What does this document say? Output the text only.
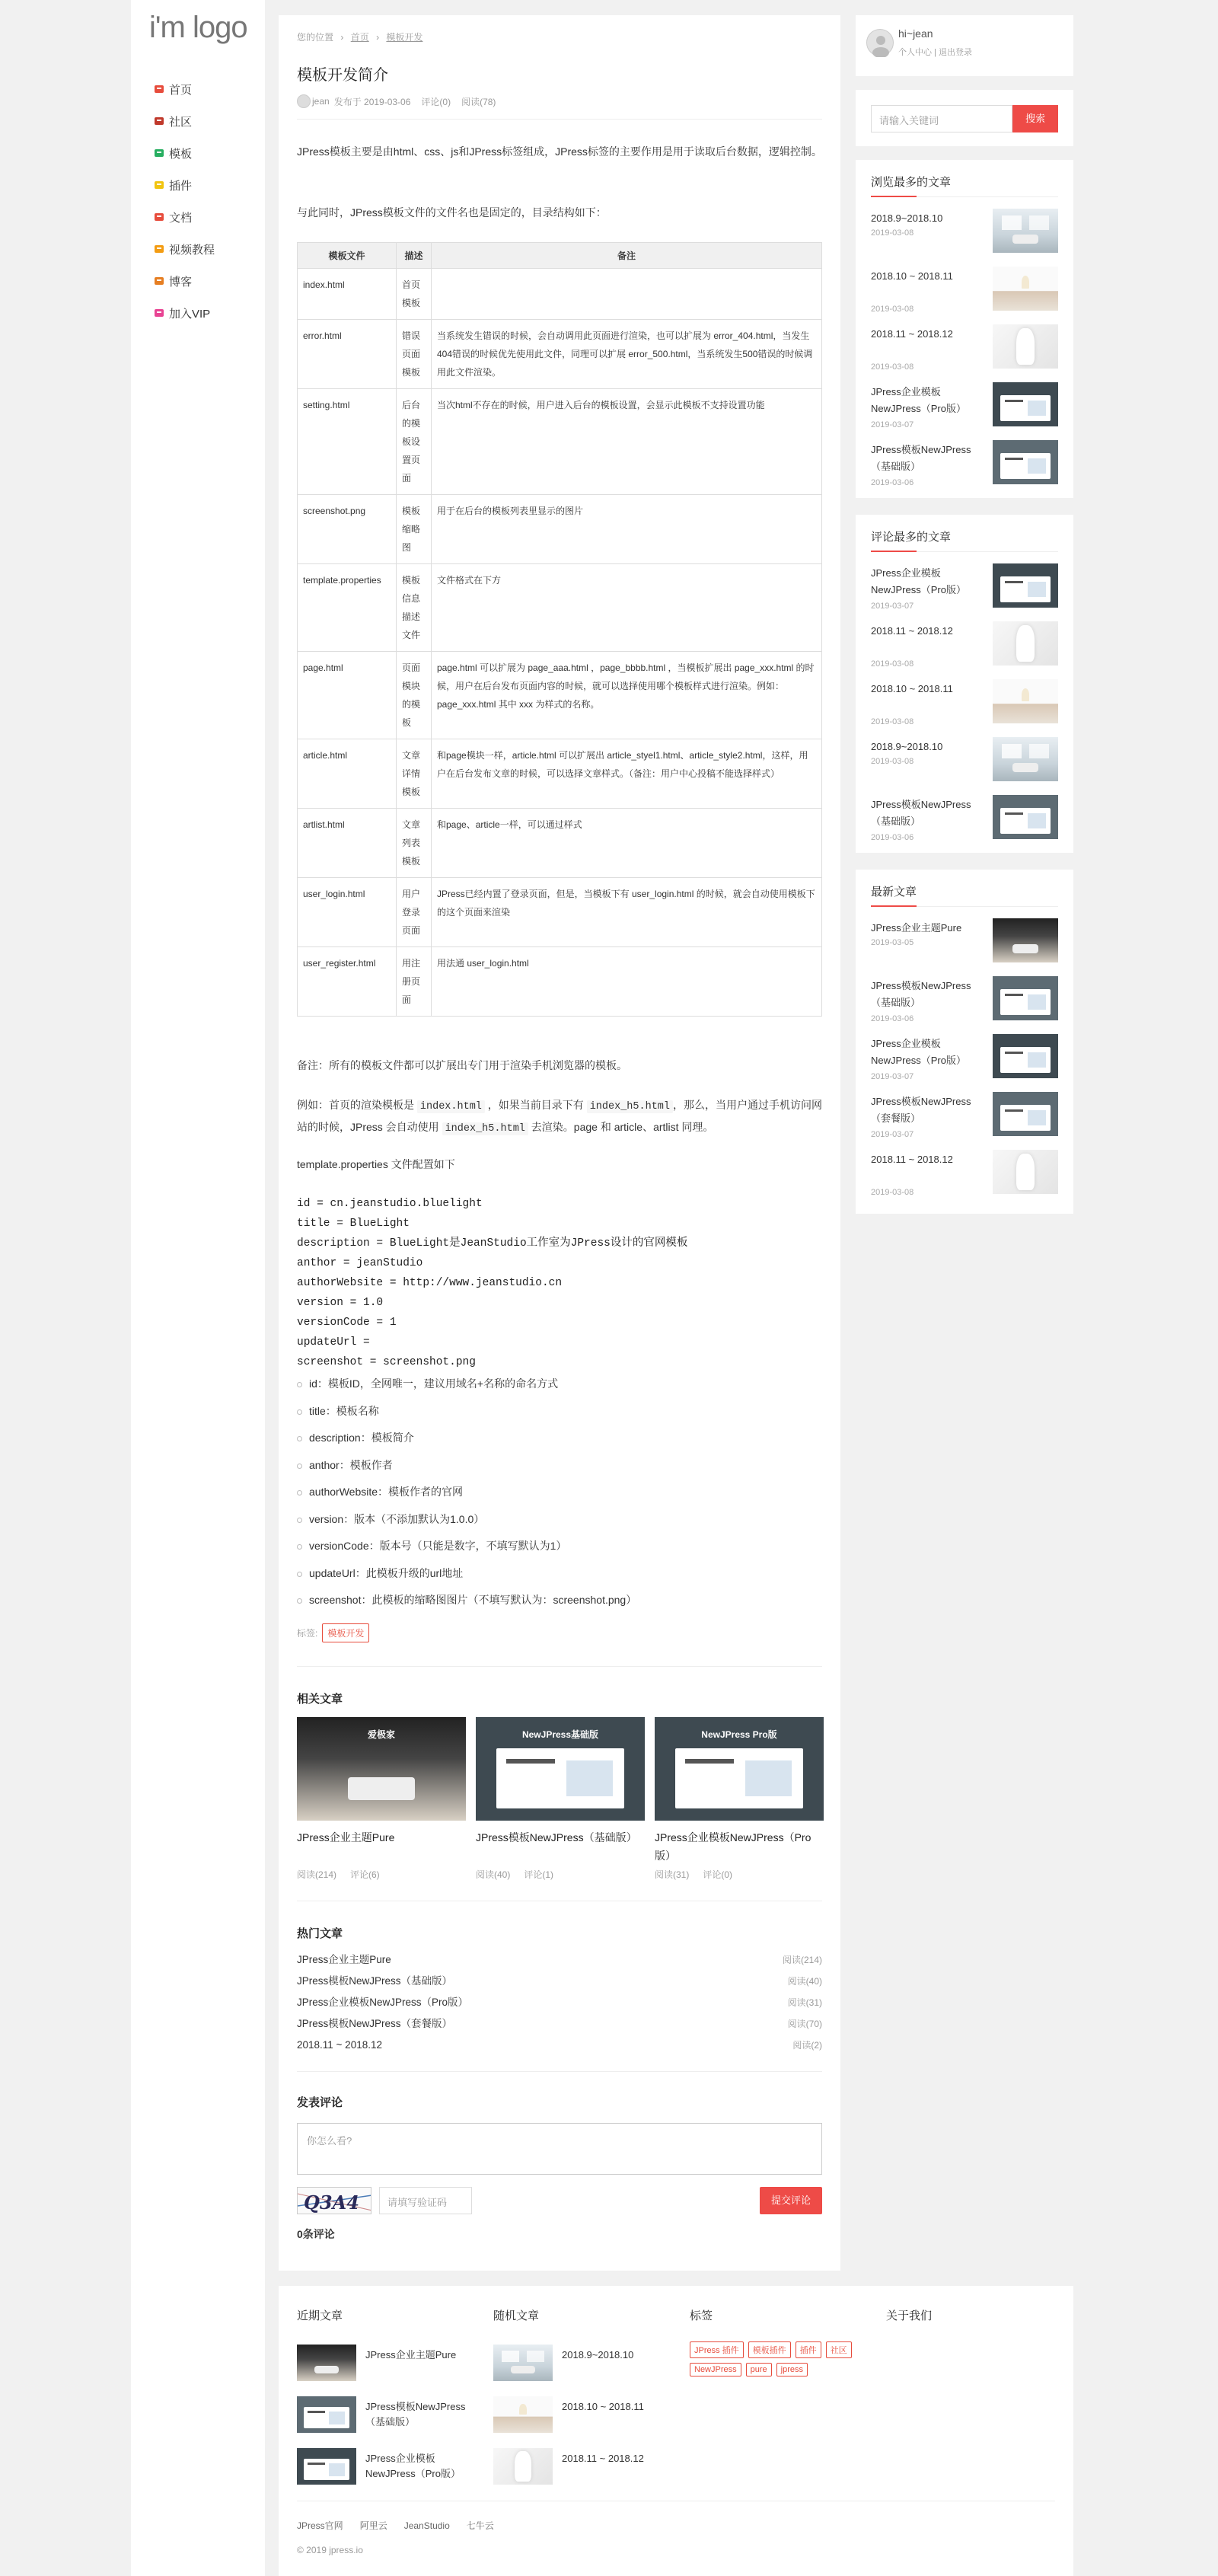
i'm logo
首页
社区
模板
插件
文档
视频教程
博客
加入VIP
您的位置 › 首页 › 模板开发
模板开发简介
jean 发布于 2019-03-06 评论(0) 阅读(78)
JPress模板主要是由html、css、js和JPress标签组成，JPress标签的主要作用是用于读取后台数据，逻辑控制。
与此同时，JPress模板文件的文件名也是固定的，目录结构如下：
模板文件	描述	备注
index.html	首页模板	
error.html	错误页面模板	当系统发生错误的时候，会自动调用此页面进行渲染，也可以扩展为 error_404.html，当发生404错误的时候优先使用此文件，同理可以扩展 error_500.html，当系统发生500错误的时候调用此文件渲染。
setting.html	后台的模板设置页面	当次html不存在的时候，用户进入后台的模板设置，会显示此模板不支持设置功能
screenshot.png	模板缩略图	用于在后台的模板列表里显示的图片
template.properties	模板信息描述文件	文件格式在下方
page.html	页面模块的模板	page.html 可以扩展为 page_aaa.html ，page_bbbb.html ，当模板扩展出 page_xxx.html 的时候，用户在后台发布页面内容的时候，就可以选择使用哪个模板样式进行渲染。例如： page_xxx.html 其中 xxx 为样式的名称。
article.html	文章详情模板	和page模块一样，article.html 可以扩展出 article_styel1.html、article_style2.html，这样，用户在后台发布文章的时候，可以选择文章样式。（备注：用户中心投稿不能选择样式）
artlist.html	文章列表模板	和page、article一样，可以通过样式
user_login.html	用户登录页面	JPress已经内置了登录页面，但是，当模板下有 user_login.html 的时候，就会自动使用模板下的这个页面来渲染
user_register.html	用注册页面	用法通 user_login.html
备注：所有的模板文件都可以扩展出专门用于渲染手机浏览器的模板。
例如：首页的渲染模板是 index.html ，如果当前目录下有 index_h5.html ，那么，当用户通过手机访问网站的时候，JPress 会自动使用 index_h5.html 去渲染。page 和 article、artlist 同理。
template.properties 文件配置如下
id = cn.jeanstudio.bluelight
title = BlueLight
description = BlueLight是JeanStudio工作室为JPress设计的官网模板
anthor = jeanStudio
authorWebsite = http://www.jeanstudio.cn
version = 1.0
versionCode = 1
updateUrl =
screenshot = screenshot.png
id：模板ID，全网唯一，建议用域名+名称的命名方式
title：模板名称
description：模板简介
anthor：模板作者
authorWebsite：模板作者的官网
version：版本（不添加默认为1.0.0）
versionCode：版本号（只能是数字，不填写默认为1）
updateUrl：此模板升级的url地址
screenshot：此模板的缩略图图片（不填写默认为：screenshot.png）
标签:	模板开发
相关文章
爱极家
JPress企业主题Pure
阅读(214) 评论(6)
NewJPress基础版
JPress模板NewJPress（基础版）
阅读(40) 评论(1)
NewJPress Pro版
JPress企业模板NewJPress（Pro版）
阅读(31) 评论(0)
热门文章
JPress企业主题Pure	阅读(214)
JPress模板NewJPress（基础版）	阅读(40)
JPress企业模板NewJPress（Pro版）	阅读(31)
JPress模板NewJPress（套餐版）	阅读(70)
2018.11 ~ 2018.12	阅读(2)
发表评论
你怎么看?
Q3A4	请填写验证码	提交评论
0条评论
hi~jean
个人中心 | 退出登录
请输入关键词	搜索
浏览最多的文章
2018.9~2018.10
2019-03-08
2018.10 ~ 2018.11
2019-03-08
2018.11 ~ 2018.12
2019-03-08
JPress企业模板NewJPress（Pro版）
2019-03-07
JPress模板NewJPress（基础版）
2019-03-06
评论最多的文章
JPress企业模板NewJPress（Pro版）
2019-03-07
2018.11 ~ 2018.12
2019-03-08
2018.10 ~ 2018.11
2019-03-08
2018.9~2018.10
2019-03-08
JPress模板NewJPress（基础版）
2019-03-06
最新文章
JPress企业主题Pure
2019-03-05
JPress模板NewJPress（基础版）
2019-03-06
JPress企业模板NewJPress（Pro版）
2019-03-07
JPress模板NewJPress（套餐版）
2019-03-07
2018.11 ~ 2018.12
2019-03-08
近期文章
JPress企业主题Pure
JPress模板NewJPress（基础版）
JPress企业模板NewJPress（Pro版）
随机文章
2018.9~2018.10
2018.10 ~ 2018.11
2018.11 ~ 2018.12
标签
JPress 插件	模板插件	插件	社区
NewJPress	pure	jpress
关于我们
JPress官网 阿里云 JeanStudio 七牛云
© 2019 jpress.io
